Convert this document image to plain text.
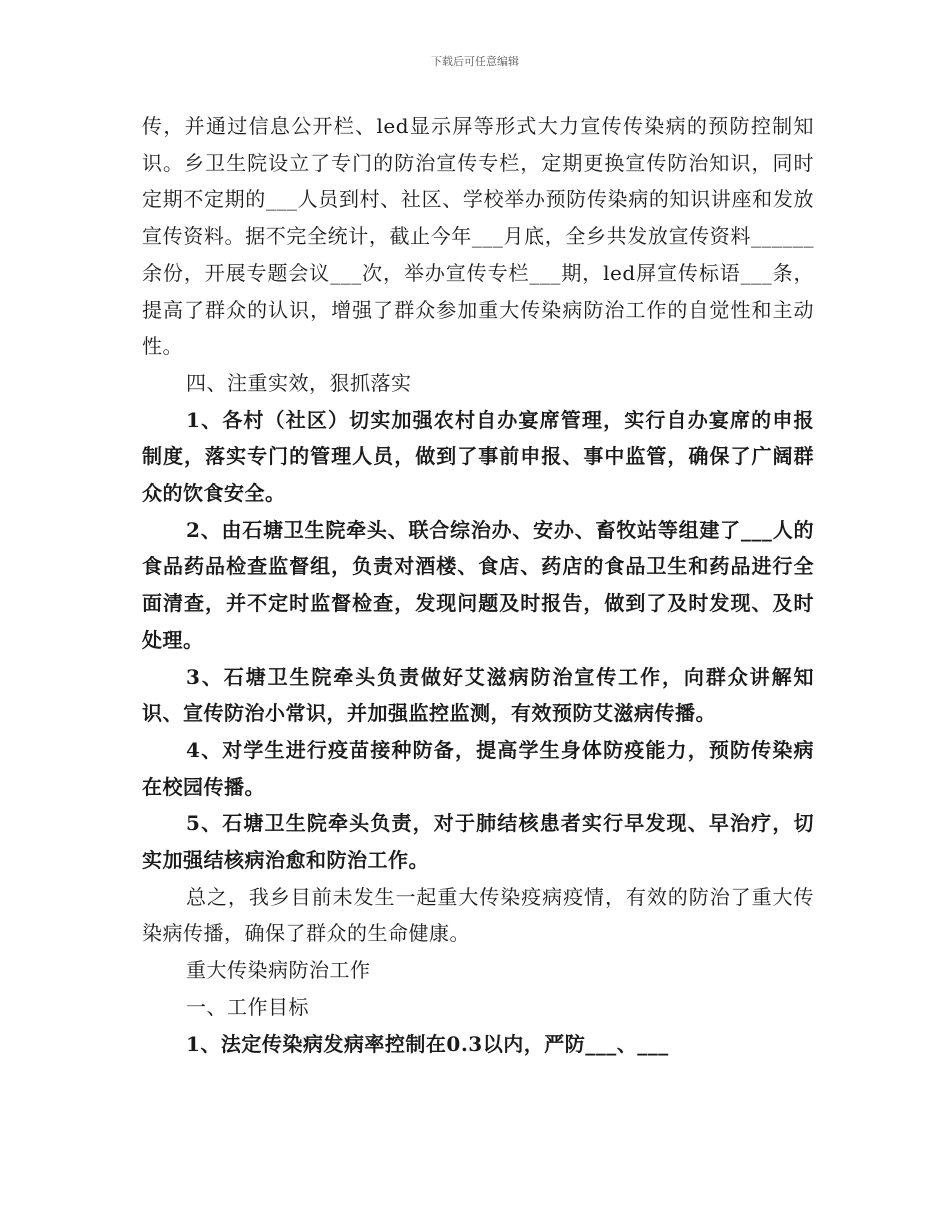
下载后可任意编辑

传，并通过信息公开栏、led显示屏等形式大力宣传传染病的预防控制知识。乡卫生院设立了专门的防治宣传专栏，定期更换宣传防治知识，同时定期不定期的___人员到村、社区、学校举办预防传染病的知识讲座和发放宣传资料。据不完全统计，截止今年___月底，全乡共发放宣传资料______余份，开展专题会议___次，举办宣传专栏___期，led屏宣传标语___条，提高了群众的认识，增强了群众参加重大传染病防治工作的自觉性和主动性。

四、注重实效，狠抓落实

1、各村（社区）切实加强农村自办宴席管理，实行自办宴席的申报制度，落实专门的管理人员，做到了事前申报、事中监管，确保了广阔群众的饮食安全。

2、由石塘卫生院牵头、联合综治办、安办、畜牧站等组建了___人的食品药品检查监督组，负责对酒楼、食店、药店的食品卫生和药品进行全面清查，并不定时监督检查，发现问题及时报告，做到了及时发现、及时处理。

3、石塘卫生院牵头负责做好艾滋病防治宣传工作，向群众讲解知识、宣传防治小常识，并加强监控监测，有效预防艾滋病传播。

4、对学生进行疫苗接种防备，提高学生身体防疫能力，预防传染病在校园传播。

5、石塘卫生院牵头负责，对于肺结核患者实行早发现、早治疗，切实加强结核病治愈和防治工作。

总之，我乡目前未发生一起重大传染疫病疫情，有效的防治了重大传染病传播，确保了群众的生命健康。

重大传染病防治工作

一、工作目标

1、法定传染病发病率控制在0.3以内，严防___、___
